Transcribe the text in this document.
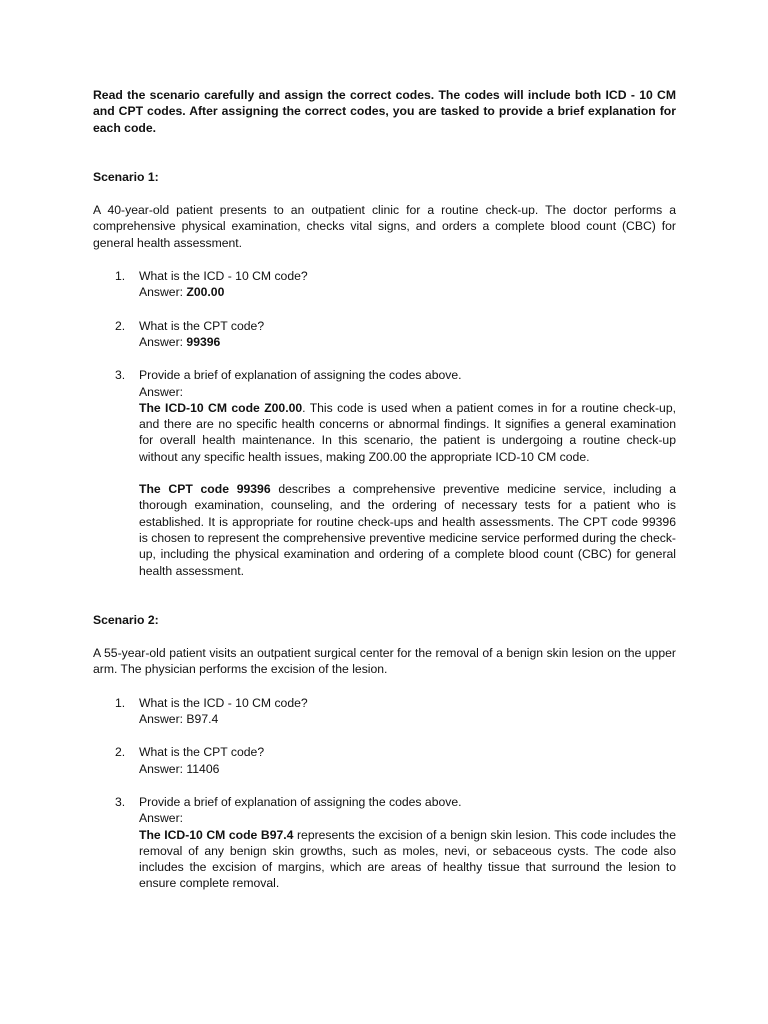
Read the scenario carefully and assign the correct codes. The codes will include both ICD - 10 CM and CPT codes. After assigning the correct codes, you are tasked to provide a brief explanation for each code.

Scenario 1:

A 40-year-old patient presents to an outpatient clinic for a routine check-up. The doctor performs a comprehensive physical examination, checks vital signs, and orders a complete blood count (CBC) for general health assessment.

1. What is the ICD - 10 CM code?
Answer: Z00.00
2. What is the CPT code?
Answer: 99396
3. Provide a brief of explanation of assigning the codes above.
Answer:

The ICD-10 CM code Z00.00. This code is used when a patient comes in for a routine check-up, and there are no specific health concerns or abnormal findings. It signifies a general examination for overall health maintenance. In this scenario, the patient is undergoing a routine check-up without any specific health issues, making Z00.00 the appropriate ICD-10 CM code.

The CPT code 99396 describes a comprehensive preventive medicine service, including a thorough examination, counseling, and the ordering of necessary tests for a patient who is established. It is appropriate for routine check-ups and health assessments. The CPT code 99396 is chosen to represent the comprehensive preventive medicine service performed during the check-up, including the physical examination and ordering of a complete blood count (CBC) for general health assessment.

Scenario 2:

A 55-year-old patient visits an outpatient surgical center for the removal of a benign skin lesion on the upper arm. The physician performs the excision of the lesion.

1. What is the ICD - 10 CM code?
Answer: B97.4
2. What is the CPT code?
Answer: 11406
3. Provide a brief of explanation of assigning the codes above.
Answer:

The ICD-10 CM code B97.4 represents the excision of a benign skin lesion. This code includes the removal of any benign skin growths, such as moles, nevi, or sebaceous cysts. The code also includes the excision of margins, which are areas of healthy tissue that surround the lesion to ensure complete removal.
